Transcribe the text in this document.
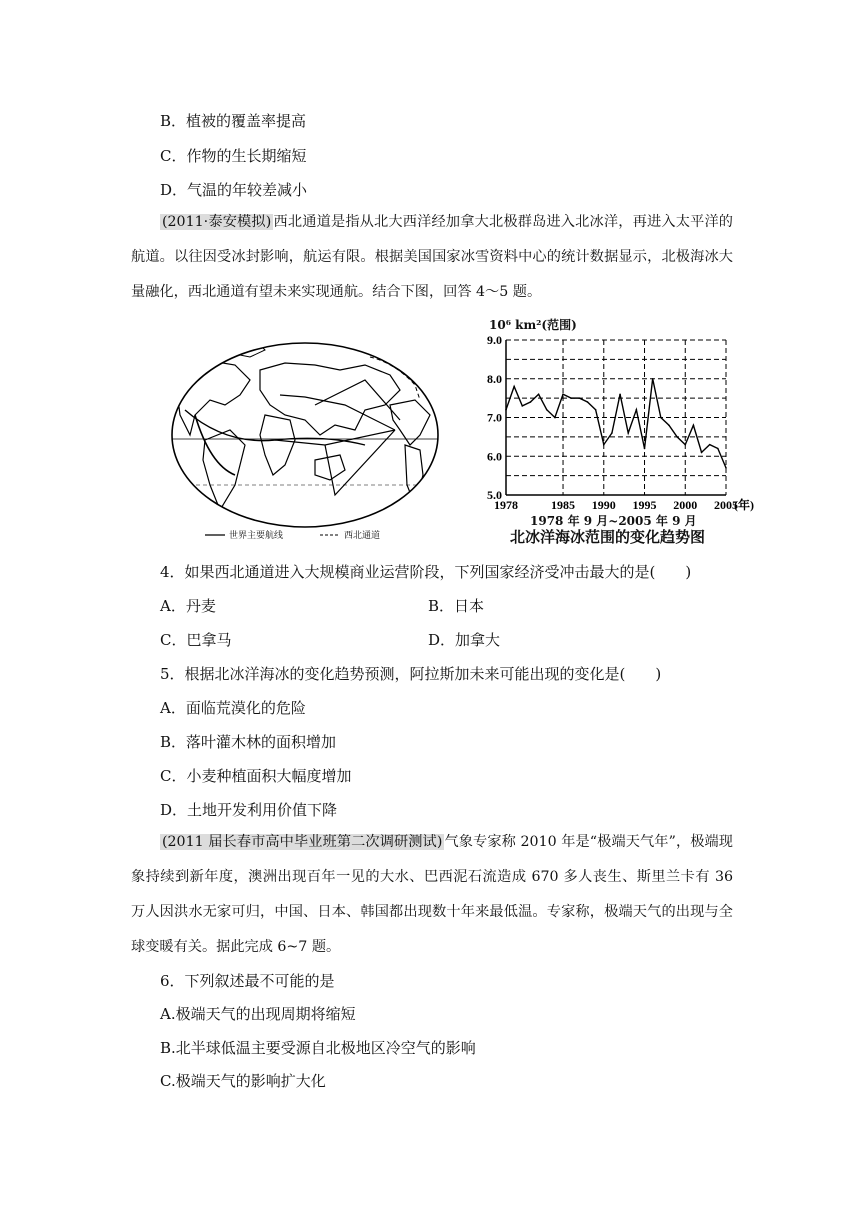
B．植被的覆盖率提高
C．作物的生长期缩短
D．气温的年较差减小
(2011·泰安模拟) 西北通道是指从北大西洋经加拿大北极群岛进入北冰洋，再进入太平洋的航道。以往因受冰封影响，航运有限。根据美国国家冰雪资料中心的统计数据显示，北极海冰大量融化，西北通道有望未来实现通航。结合下图，回答 4～5 题。
世界主要航线	西北通道
10⁶ km²(范围)
5.0
6.0
7.0
8.0
9.0
1978	1985 1990 1995 2000 2005
(年)
1978 年 9 月~2005 年 9 月
北冰洋海冰范围的变化趋势图
4．如果西北通道进入大规模商业运营阶段，下列国家经济受冲击最大的是(　　)
A．丹麦	B．日本
C．巴拿马	D．加拿大
5．根据北冰洋海冰的变化趋势预测，阿拉斯加未来可能出现的变化是(　　)
A．面临荒漠化的危险
B．落叶灌木林的面积增加
C．小麦种植面积大幅度增加
D．土地开发利用价值下降
(2011 届长春市高中毕业班第二次调研测试) 气象专家称 2010 年是“极端天气年”，极端现象持续到新年度，澳洲出现百年一见的大水、巴西泥石流造成 670 多人丧生、斯里兰卡有 36 万人因洪水无家可归，中国、日本、韩国都出现数十年来最低温。专家称，极端天气的出现与全球变暖有关。据此完成 6~7 题。
6．下列叙述最不可能的是
A.极端天气的出现周期将缩短
B.北半球低温主要受源自北极地区冷空气的影响
C.极端天气的影响扩大化
